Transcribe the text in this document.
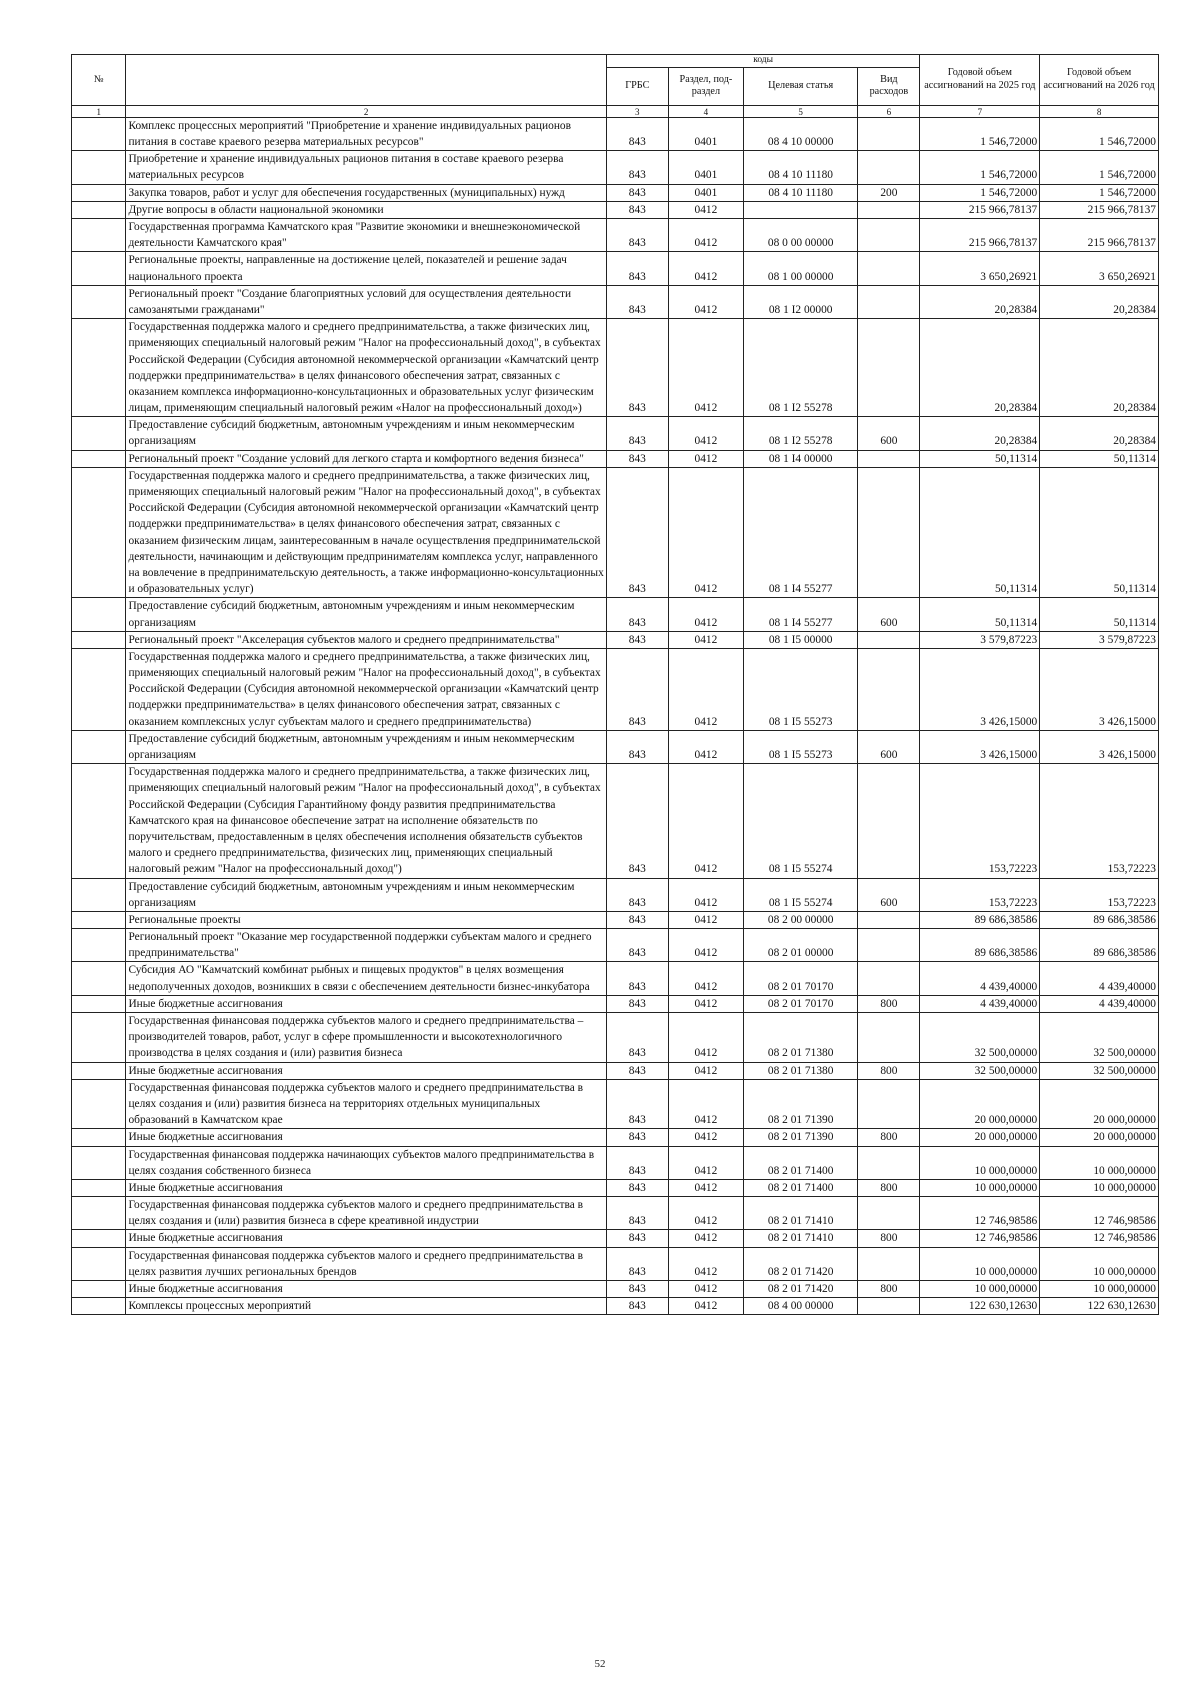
№		коды				Годовой объем ассигнований на 2025 год	Годовой объем ассигнований на 2026 год
		ГРБС	Раздел, под-раздел	Целевая статья	Вид расходов		
1	2	3	4	5	6	7	8
	Комплекс процессных мероприятий "Приобретение и хранение индивидуальных рационов питания в составе краевого резерва материальных ресурсов"	843	0401	08 4 10 00000		1 546,72000	1 546,72000
	Приобретение и хранение индивидуальных рационов питания в составе краевого резерва материальных ресурсов	843	0401	08 4 10 11180		1 546,72000	1 546,72000
	Закупка товаров, работ и услуг для обеспечения государственных (муниципальных) нужд	843	0401	08 4 10 11180	200	1 546,72000	1 546,72000
	Другие вопросы в области национальной экономики	843	0412			215 966,78137	215 966,78137
	Государственная программа Камчатского края "Развитие экономики и внешнеэкономической деятельности Камчатского края"	843	0412	08 0 00 00000		215 966,78137	215 966,78137
	Региональные проекты, направленные на достижение целей, показателей и решение задач национального проекта	843	0412	08 1 00 00000		3 650,26921	3 650,26921
	Региональный проект "Создание благоприятных условий для осуществления деятельности самозанятыми гражданами"	843	0412	08 1 I2 00000		20,28384	20,28384
	Государственная поддержка малого и среднего предпринимательства, а также физических лиц, применяющих специальный налоговый режим "Налог на профессиональный доход", в субъектах Российской Федерации (Субсидия автономной некоммерческой организации «Камчатский центр поддержки предпринимательства» в целях финансового обеспечения затрат, связанных с оказанием комплекса информационно-консультационных и образовательных услуг физическим лицам, применяющим специальный налоговый режим «Налог на профессиональный доход»)	843	0412	08 1 I2 55278		20,28384	20,28384
	Предоставление субсидий бюджетным, автономным учреждениям и иным некоммерческим организациям	843	0412	08 1 I2 55278	600	20,28384	20,28384
	Региональный проект "Создание условий для легкого старта и комфортного ведения бизнеса"	843	0412	08 1 I4 00000		50,11314	50,11314
	Государственная поддержка малого и среднего предпринимательства, а также физических лиц, применяющих специальный налоговый режим "Налог на профессиональный доход", в субъектах Российской Федерации (Субсидия автономной некоммерческой организации «Камчатский центр поддержки предпринимательства» в целях финансового обеспечения затрат, связанных с оказанием физическим лицам, заинтересованным в начале осуществления предпринимательской деятельности, начинающим и действующим предпринимателям комплекса услуг, направленного на вовлечение в предпринимательскую деятельность, а также информационно-консультационных и образовательных услуг)	843	0412	08 1 I4 55277		50,11314	50,11314
	Предоставление субсидий бюджетным, автономным учреждениям и иным некоммерческим организациям	843	0412	08 1 I4 55277	600	50,11314	50,11314
	Региональный проект "Акселерация субъектов малого и среднего предпринимательства"	843	0412	08 1 I5 00000		3 579,87223	3 579,87223
	Государственная поддержка малого и среднего предпринимательства, а также физических лиц, применяющих специальный налоговый режим "Налог на профессиональный доход", в субъектах Российской Федерации (Субсидия автономной некоммерческой организации «Камчатский центр поддержки предпринимательства» в целях финансового обеспечения затрат, связанных с оказанием комплексных услуг субъектам малого и среднего предпринимательства)	843	0412	08 1 I5 55273		3 426,15000	3 426,15000
	Предоставление субсидий бюджетным, автономным учреждениям и иным некоммерческим организациям	843	0412	08 1 I5 55273	600	3 426,15000	3 426,15000
	Государственная поддержка малого и среднего предпринимательства, а также физических лиц, применяющих специальный налоговый режим "Налог на профессиональный доход", в субъектах Российской Федерации (Субсидия Гарантийному фонду развития предпринимательства Камчатского края на финансовое обеспечение затрат на исполнение обязательств по поручительствам, предоставленным в целях обеспечения исполнения обязательств субъектов малого и среднего предпринимательства, физических лиц, применяющих специальный налоговый режим "Налог на профессиональный доход")	843	0412	08 1 I5 55274		153,72223	153,72223
	Предоставление субсидий бюджетным, автономным учреждениям и иным некоммерческим организациям	843	0412	08 1 I5 55274	600	153,72223	153,72223
	Региональные проекты	843	0412	08 2 00 00000		89 686,38586	89 686,38586
	Региональный проект "Оказание мер государственной поддержки субъектам малого и среднего предпринимательства"	843	0412	08 2 01 00000		89 686,38586	89 686,38586
	Субсидия АО "Камчатский комбинат рыбных и пищевых продуктов" в целях возмещения недополученных доходов, возникших в связи с обеспечением деятельности бизнес-инкубатора	843	0412	08 2 01 70170		4 439,40000	4 439,40000
	Иные бюджетные ассигнования	843	0412	08 2 01 70170	800	4 439,40000	4 439,40000
	Государственная финансовая поддержка субъектов малого и среднего предпринимательства – производителей товаров, работ, услуг в сфере промышленности и высокотехнологичного производства в целях создания и (или) развития бизнеса	843	0412	08 2 01 71380		32 500,00000	32 500,00000
	Иные бюджетные ассигнования	843	0412	08 2 01 71380	800	32 500,00000	32 500,00000
	Государственная финансовая поддержка субъектов малого и среднего предпринимательства в целях создания и (или) развития бизнеса на территориях отдельных муниципальных образований в Камчатском крае	843	0412	08 2 01 71390		20 000,00000	20 000,00000
	Иные бюджетные ассигнования	843	0412	08 2 01 71390	800	20 000,00000	20 000,00000
	Государственная финансовая поддержка начинающих субъектов малого предпринимательства в целях создания собственного бизнеса	843	0412	08 2 01 71400		10 000,00000	10 000,00000
	Иные бюджетные ассигнования	843	0412	08 2 01 71400	800	10 000,00000	10 000,00000
	Государственная финансовая поддержка субъектов малого и среднего предпринимательства в целях создания и (или) развития бизнеса в сфере креативной индустрии	843	0412	08 2 01 71410		12 746,98586	12 746,98586
	Иные бюджетные ассигнования	843	0412	08 2 01 71410	800	12 746,98586	12 746,98586
	Государственная финансовая поддержка субъектов малого и среднего предпринимательства в целях развития лучших региональных брендов	843	0412	08 2 01 71420		10 000,00000	10 000,00000
	Иные бюджетные ассигнования	843	0412	08 2 01 71420	800	10 000,00000	10 000,00000
	Комплексы процессных мероприятий	843	0412	08 4 00 00000		122 630,12630	122 630,12630
52
